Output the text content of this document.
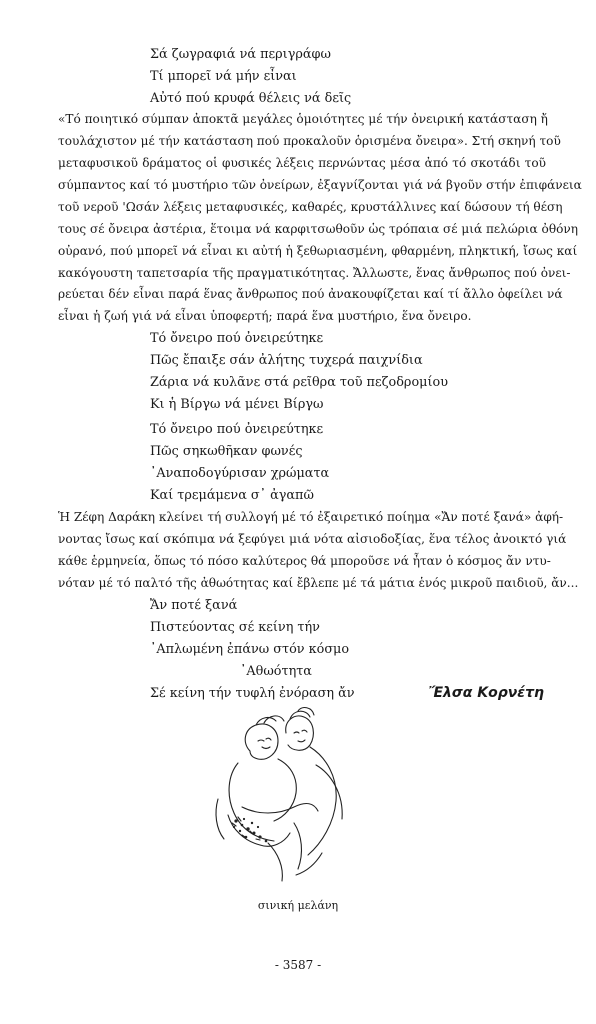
Σά ζωγραφιά νά περιγράφω
Τί μπορεῖ νά μήν εἶναι
Αὐτό πού κρυφά θέλεις νά δεῖς
«Τό ποιητικό σύμπαν ἀποκτᾶ μεγάλες ὁμοιότητες μέ τήν ὀνειρική κατάσταση ἤ
τουλάχιστον μέ τήν κατάσταση πού προκαλοῦν ὁρισμένα ὄνειρα». Στή σκηνή τοῦ
μεταφυσικοῦ δράματος οἱ φυσικές λέξεις περνώντας μέσα ἀπό τό σκοτάδι τοῦ
σύμπαντος καί τό μυστήριο τῶν ὀνείρων, ἐξαγνίζονται γιά νά βγοῦν στήν ἐπιφάνεια
τοῦ νεροῦ 'Ωσάν λέξεις μεταφυσικές, καθαρές, κρυστάλλινες καί δώσουν τή θέση
τους σέ ὄνειρα ἀστέρια, ἕτοιμα νά καρφιτσωθοῦν ὡς τρόπαια σέ μιά πελώρια ὀθόνη
οὐρανό, πού μπορεῖ νά εἶναι κι αὐτή ἡ ξεθωριασμένη, φθαρμένη, πληκτική, ἴσως καί
κακόγουστη ταπετσαρία τῆς πραγματικότητας. Ἄλλωστε, ἕνας ἄνθρωπος πού ὀνει-
ρεύεται δέν εἶναι παρά ἕνας ἄνθρωπος πού ἀνακουφίζεται καί τί ἄλλο ὀφείλει νά
εἶναι ἡ ζωή γιά νά εἶναι ὑποφερτή; παρά ἕνα μυστήριο, ἕνα ὄνειρο.
Τό ὄνειρο πού ὀνειρεύτηκε
Πῶς ἔπαιξε σάν ἀλήτης τυχερά παιχνίδια
Ζάρια νά κυλᾶνε στά ρεῖθρα τοῦ πεζοδρομίου
Κι ἡ Βίργω νά μένει Βίργω
Τό ὄνειρο πού ὀνειρεύτηκε
Πῶς σηκωθῆκαν φωνές
᾿Αναποδογύρισαν χρώματα
Καί τρεμάμενα σ᾿ ἀγαπῶ
Ἡ Ζέφη Δαράκη κλείνει τή συλλογή μέ τό ἐξαιρετικό ποίημα «Ἄν ποτέ ξανά» ἀφή-
νοντας ἴσως καί σκόπιμα νά ξεφύγει μιά νότα αἰσιοδοξίας, ἕνα τέλος ἀνοικτό γιά
κάθε ἑρμηνεία, ὅπως τό πόσο καλύτερος θά μποροῦσε νά ἦταν ὁ κόσμος ἄν ντυ-
νόταν μέ τό παλτό τῆς ἀθωότητας καί ἔβλεπε μέ τά μάτια ἑνός μικροῦ παιδιοῦ, ἄν...
Ἄν ποτέ ξανά
Πιστεύοντας σέ κείνη τήν
᾿Απλωμένη ἐπάνω στόν κόσμο
᾿Αθωότητα
Σέ κείνη τήν τυφλή ἐνόραση ἄν	Ἔλσα Κορνέτη
σινική μελάνη
- 3587 -
